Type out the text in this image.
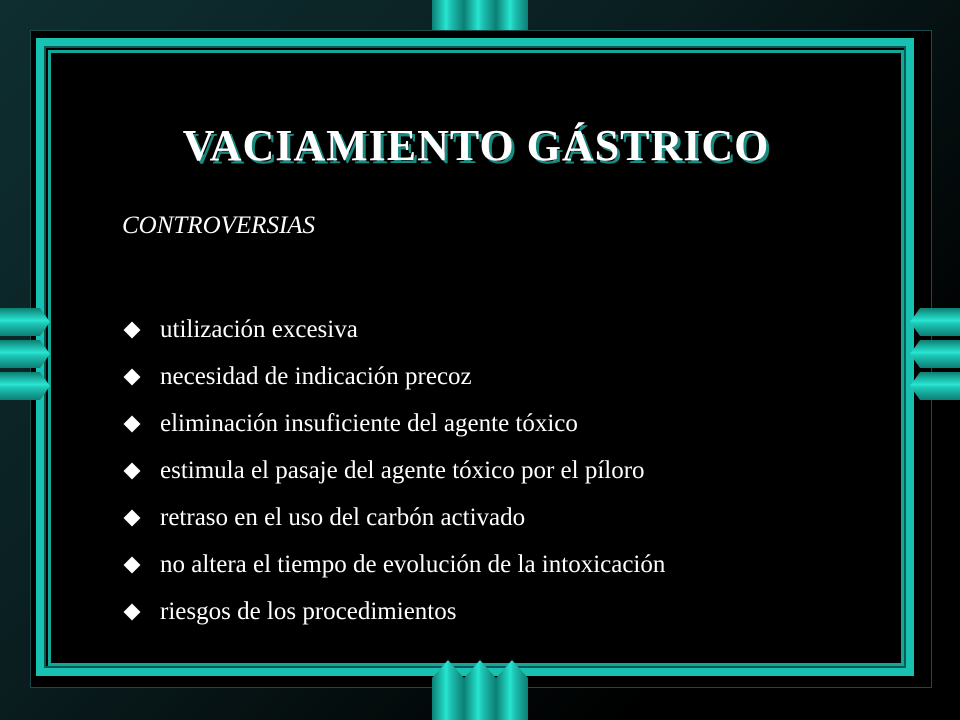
VACIAMIENTO GÁSTRICO
CONTROVERSIAS
utilización excesiva
necesidad de indicación precoz
eliminación insuficiente del agente tóxico
estimula el pasaje del agente tóxico por el píloro
retraso en el uso del carbón activado
no altera el tiempo de evolución de la intoxicación
riesgos de los procedimientos
